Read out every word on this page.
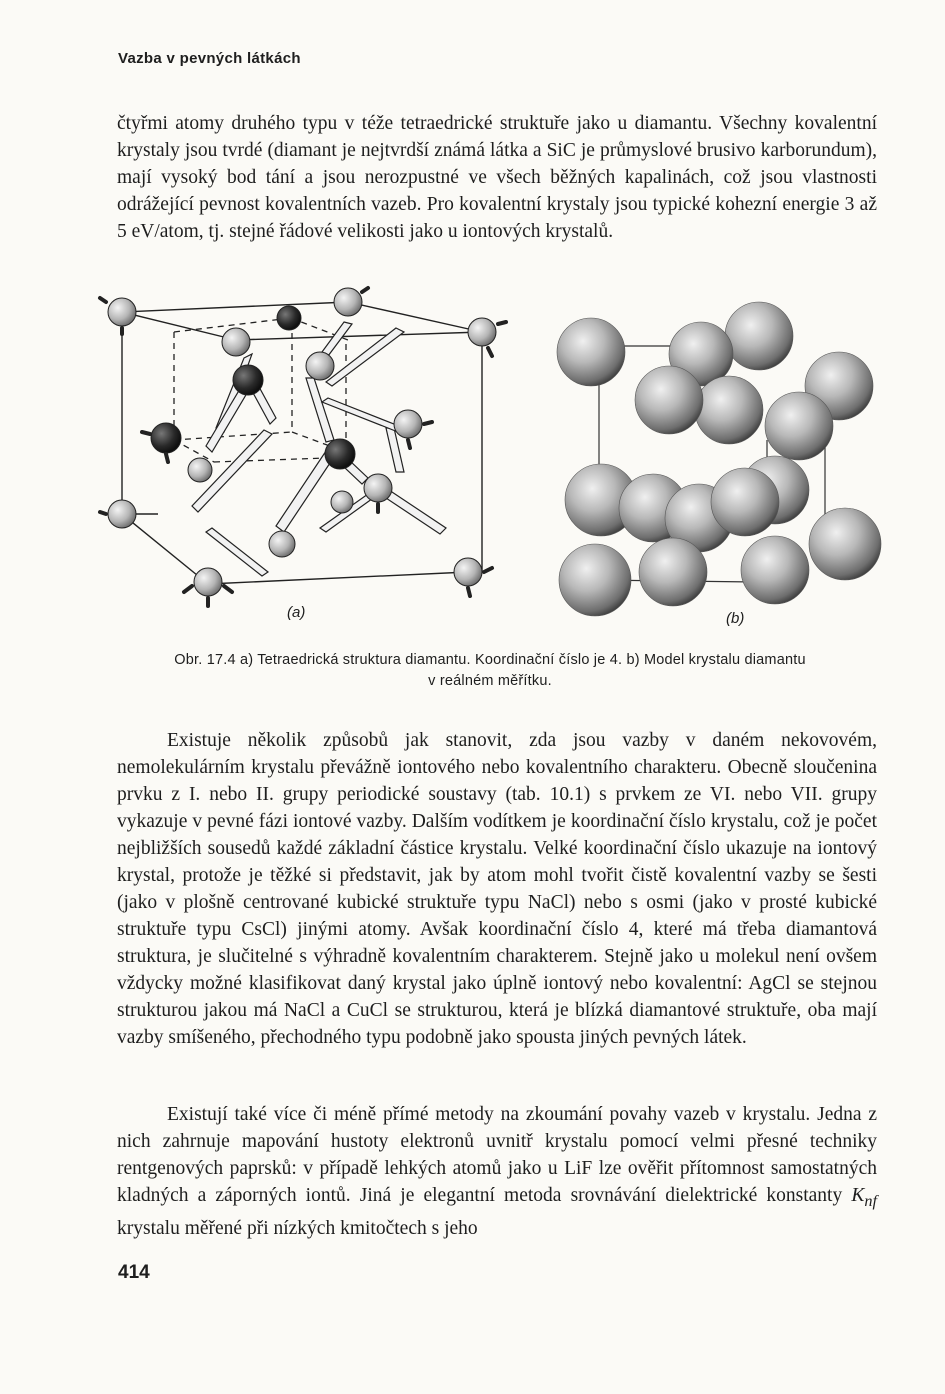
Vazba v pevných látkách

čtyřmi atomy druhého typu v téže tetraedrické struktuře jako u diamantu. Všechny kovalentní krystaly jsou tvrdé (diamant je nejtvrdší známá látka a SiC je průmyslové brusivo karborundum), mají vysoký bod tání a jsou nerozpustné ve všech běžných kapalinách, což jsou vlastnosti odrážející pevnost kovalentních vazeb. Pro kovalentní krystaly jsou typické kohezní energie 3 až 5 eV/atom, tj. stejné řádové velikosti jako u iontových krystalů.

(a)	(b)
Obr. 17.4 a) Tetraedrická struktura diamantu. Koordinační číslo je 4. b) Model krystalu diamantu
v reálném měřítku.

Existuje několik způsobů jak stanovit, zda jsou vazby v daném nekovovém, nemolekulárním krystalu převážně iontového nebo kovalentního charakteru. Obecně sloučenina prvku z I. nebo II. grupy periodické soustavy (tab. 10.1) s prvkem ze VI. nebo VII. grupy vykazuje v pevné fázi iontové vazby. Dalším vodítkem je koordinační číslo krystalu, což je počet nejbližších sousedů každé základní částice krystalu. Velké koordinační číslo ukazuje na iontový krystal, protože je těžké si představit, jak by atom mohl tvořit čistě kovalentní vazby se šesti (jako v plošně centrované kubické struktuře typu NaCl) nebo s osmi (jako v prosté kubické struktuře typu CsCl) jinými atomy. Avšak koordinační číslo 4, které má třeba diamantová struktura, je slučitelné s výhradně kovalentním charakterem. Stejně jako u molekul není ovšem vždycky možné klasifikovat daný krystal jako úplně iontový nebo kovalentní: AgCl se stejnou strukturou jakou má NaCl a CuCl se strukturou, která je blízká diamantové struktuře, oba mají vazby smíšeného, přechodného typu podobně jako spousta jiných pevných látek.

Existují také více či méně přímé metody na zkoumání povahy vazeb v krystalu. Jedna z nich zahrnuje mapování hustoty elektronů uvnitř krystalu pomocí velmi přesné techniky rentgenových paprsků: v případě lehkých atomů jako u LiF lze ověřit přítomnost samostatných kladných a záporných iontů. Jiná je elegantní metoda srovnávání dielektrické konstanty $K_{nf}$ krystalu měřené při nízkých kmitočtech s jeho

414
